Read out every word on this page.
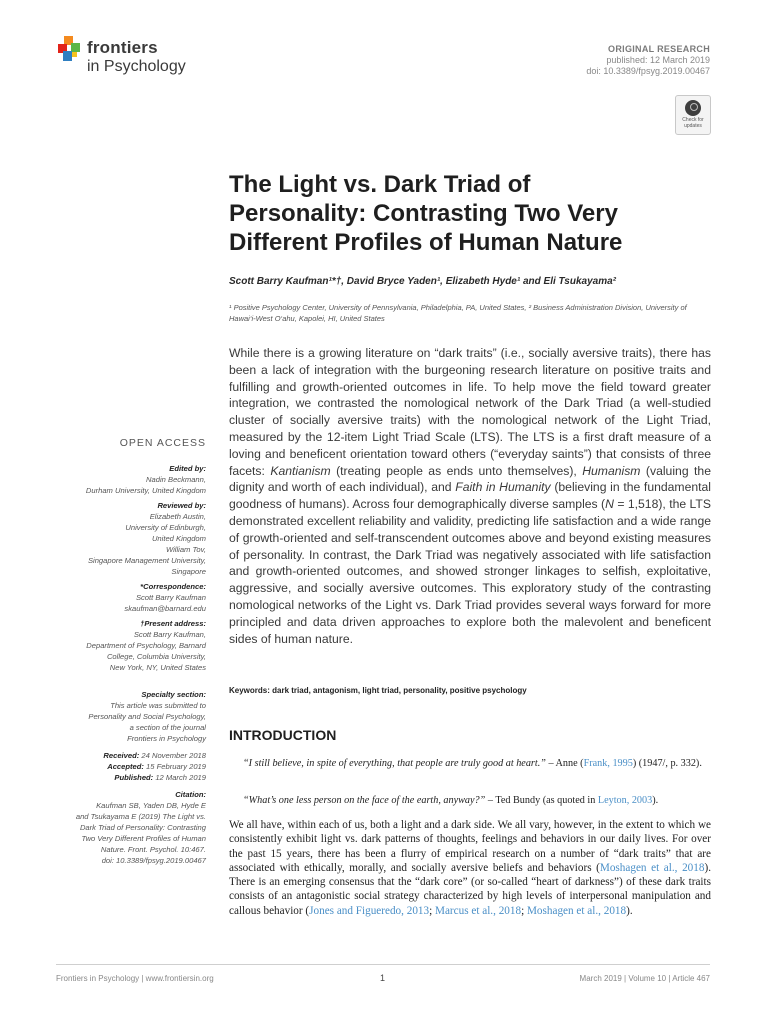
frontiers
in Psychology
ORIGINAL RESEARCH
published: 12 March 2019
doi: 10.3389/fpsyg.2019.00467
Check for
updates
The Light vs. Dark Triad of Personality: Contrasting Two Very Different Profiles of Human Nature
Scott Barry Kaufman¹*†, David Bryce Yaden¹, Elizabeth Hyde¹ and Eli Tsukayama²
¹ Positive Psychology Center, University of Pennsylvania, Philadelphia, PA, United States, ² Business Administration Division, University of Hawai‘i-West O‘ahu, Kapolei, HI, United States

While there is a growing literature on “dark traits” (i.e., socially aversive traits), there has been a lack of integration with the burgeoning research literature on positive traits and fulfilling and growth-oriented outcomes in life. To help move the field toward greater integration, we contrasted the nomological network of the Dark Triad (a well-studied cluster of socially aversive traits) with the nomological network of the Light Triad, measured by the 12-item Light Triad Scale (LTS). The LTS is a first draft measure of a loving and beneficent orientation toward others (“everyday saints”) that consists of three facets: Kantianism (treating people as ends unto themselves), Humanism (valuing the dignity and worth of each individual), and Faith in Humanity (believing in the fundamental goodness of humans). Across four demographically diverse samples (N = 1,518), the LTS demonstrated excellent reliability and validity, predicting life satisfaction and a wide range of growth-oriented and self-transcendent outcomes above and beyond existing measures of personality. In contrast, the Dark Triad was negatively associated with life satisfaction and growth-oriented outcomes, and showed stronger linkages to selfish, exploitative, aggressive, and socially aversive outcomes. This exploratory study of the contrasting nomological networks of the Light vs. Dark Triad provides several ways forward for more principled and data driven approaches to explore both the malevolent and beneficent sides of human nature.

Keywords: dark triad, antagonism, light triad, personality, positive psychology
INTRODUCTION
“I still believe, in spite of everything, that people are truly good at heart.” – Anne (Frank, 1995) (1947/, p. 332).
“What’s one less person on the face of the earth, anyway?” – Ted Bundy (as quoted in Leyton, 2003).

We all have, within each of us, both a light and a dark side. We all vary, however, in the extent to which we consistently exhibit light vs. dark patterns of thoughts, feelings and behaviors in our daily lives. For over the past 15 years, there has been a flurry of empirical research on a number of “dark traits” that are associated with ethically, morally, and socially aversive beliefs and behaviors (Moshagen et al., 2018). There is an emerging consensus that the “dark core” (or so-called “heart of darkness”) of these dark traits consists of an antagonistic social strategy characterized by high levels of interpersonal manipulation and callous behavior (Jones and Figueredo, 2013; Marcus et al., 2018; Moshagen et al., 2018).

OPEN ACCESS
Edited by:
Nadin Beckmann,
Durham University, United Kingdom
Reviewed by:
Elizabeth Austin,
University of Edinburgh,
United Kingdom
William Tov,
Singapore Management University,
Singapore
*Correspondence:
Scott Barry Kaufman
skaufman@barnard.edu
†Present address:
Scott Barry Kaufman,
Department of Psychology, Barnard
College, Columbia University,
New York, NY, United States
Specialty section:
This article was submitted to
Personality and Social Psychology,
a section of the journal
Frontiers in Psychology
Received: 24 November 2018
Accepted: 15 February 2019
Published: 12 March 2019
Citation:
Kaufman SB, Yaden DB, Hyde E
and Tsukayama E (2019) The Light vs.
Dark Triad of Personality: Contrasting
Two Very Different Profiles of Human
Nature. Front. Psychol. 10:467.
doi: 10.3389/fpsyg.2019.00467
Frontiers in Psychology | www.frontiersin.org	1	March 2019 | Volume 10 | Article 467
